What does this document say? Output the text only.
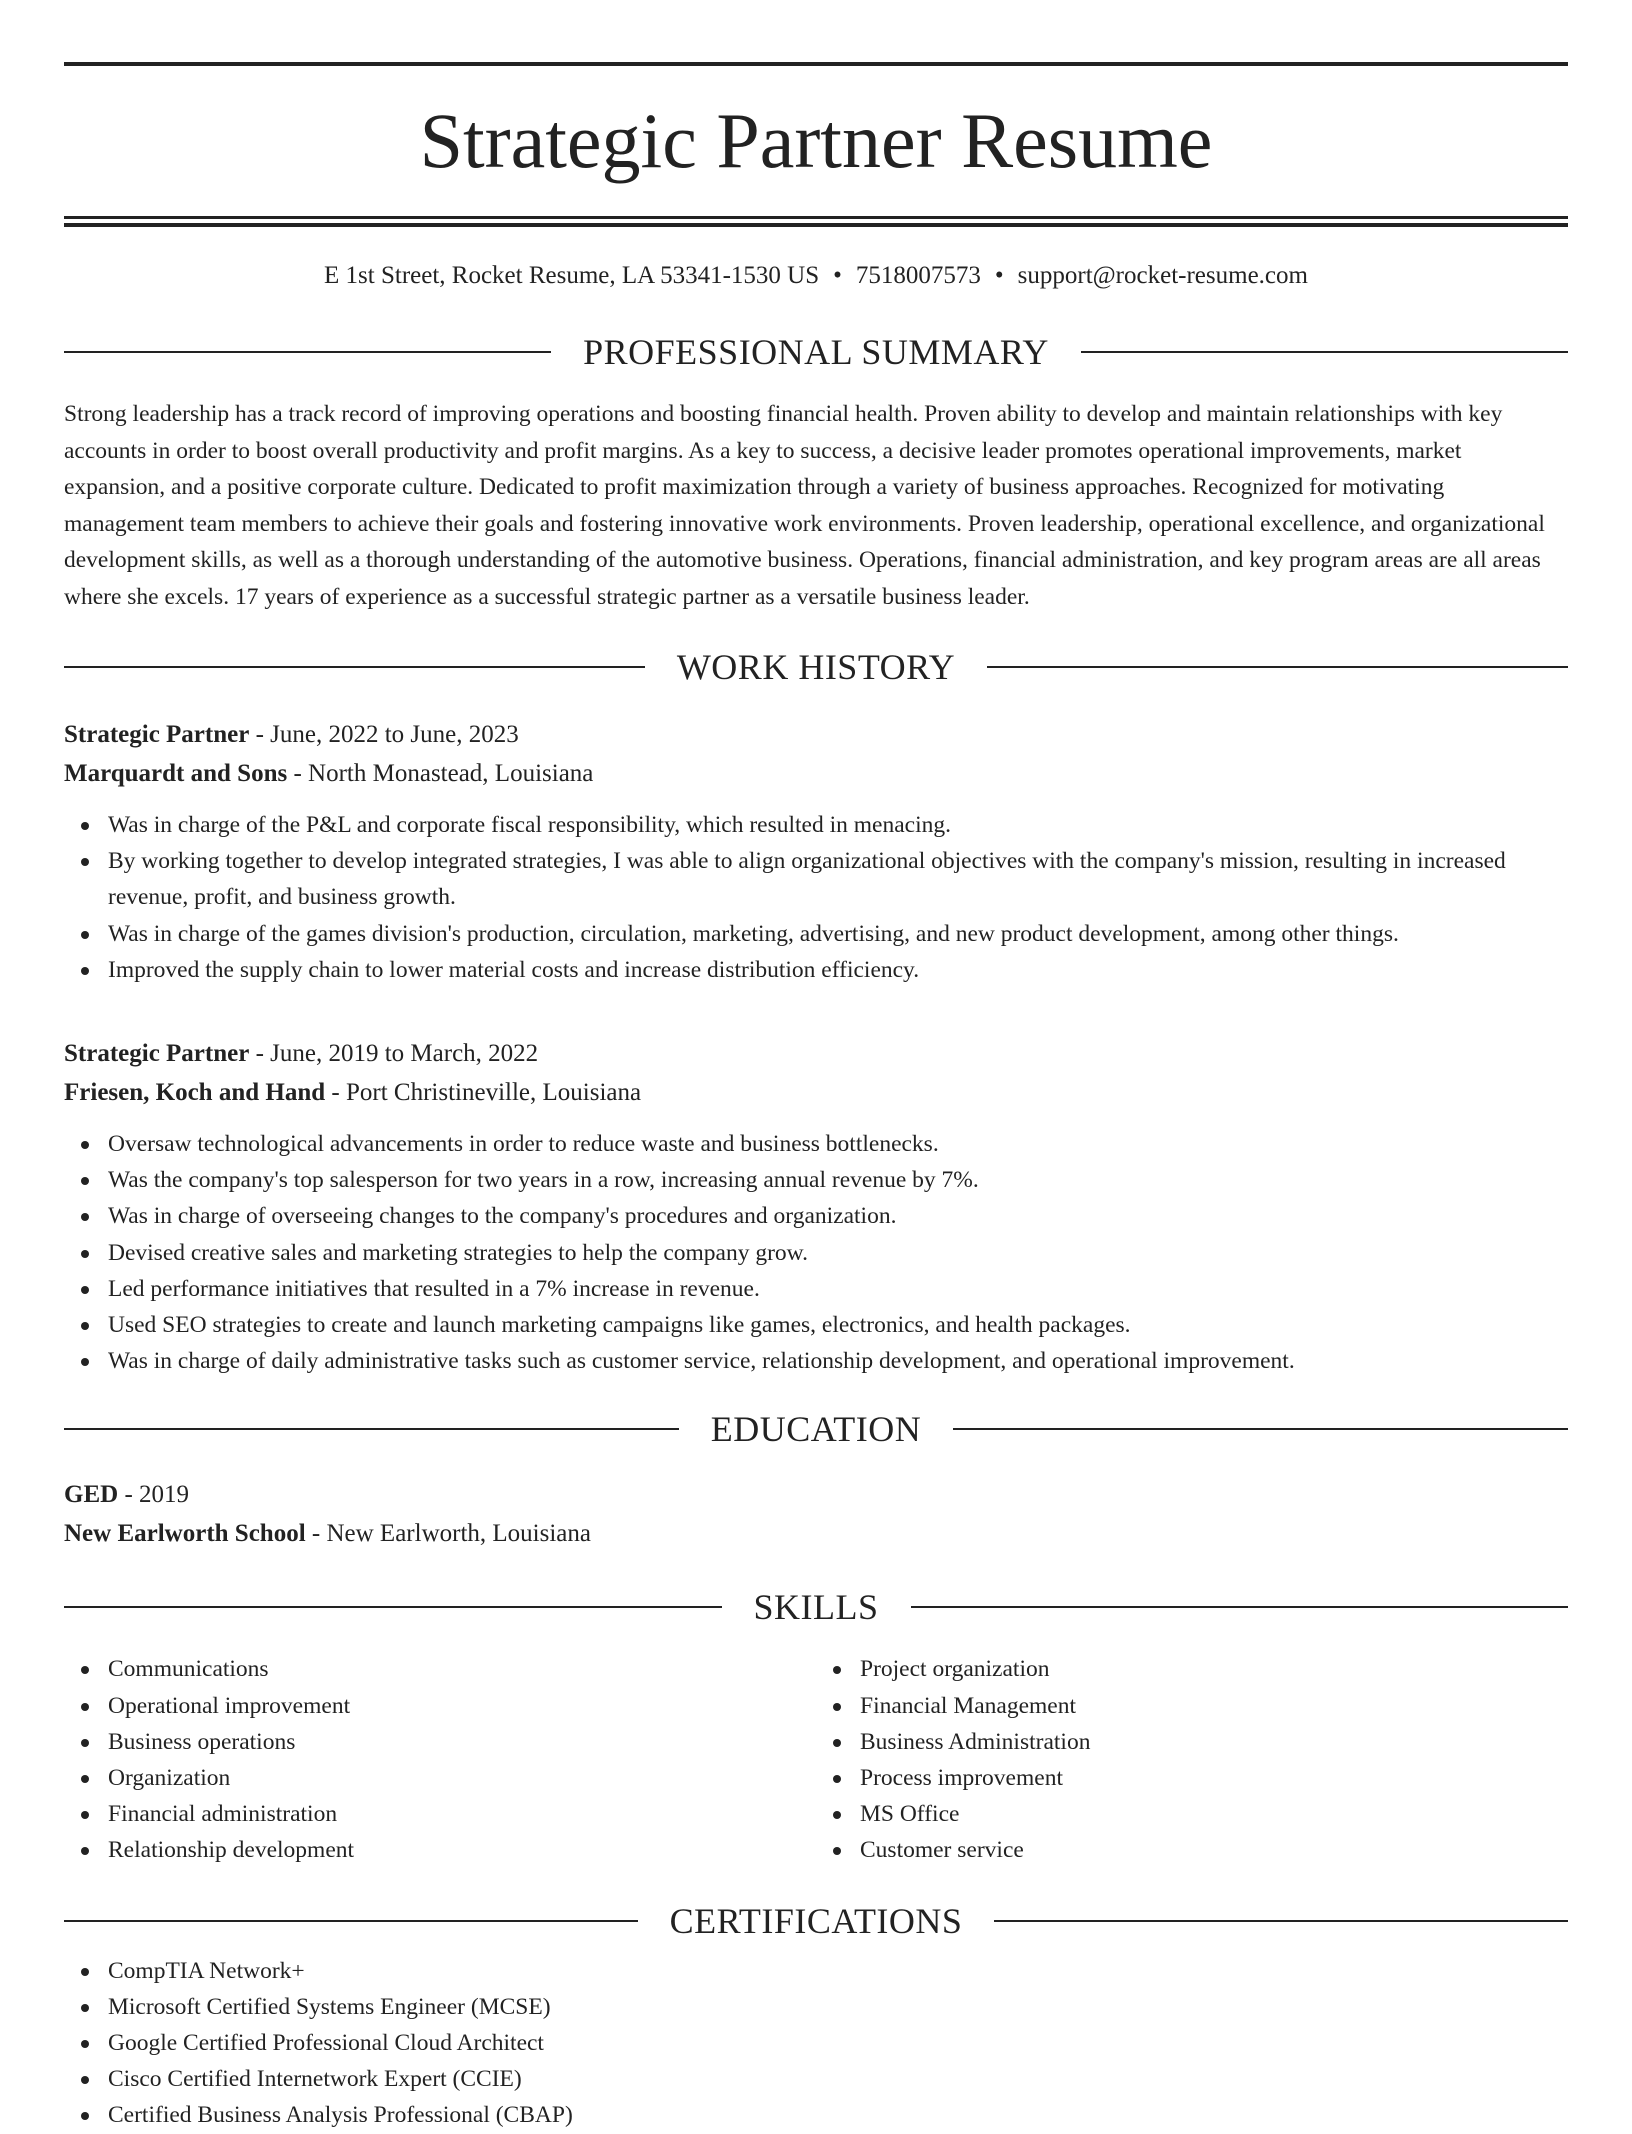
Strategic Partner Resume
E 1st Street, Rocket Resume, LA 53341-1530 US • 7518007573 • support@rocket-resume.com
PROFESSIONAL SUMMARY

Strong leadership has a track record of improving operations and boosting financial health. Proven ability to develop and maintain relationships with key accounts in order to boost overall productivity and profit margins. As a key to success, a decisive leader promotes operational improvements, market expansion, and a positive corporate culture. Dedicated to profit maximization through a variety of business approaches. Recognized for motivating management team members to achieve their goals and fostering innovative work environments. Proven leadership, operational excellence, and organizational development skills, as well as a thorough understanding of the automotive business. Operations, financial administration, and key program areas are all areas where she excels. 17 years of experience as a successful strategic partner as a versatile business leader.

WORK HISTORY
Strategic Partner - June, 2022 to June, 2023
Marquardt and Sons - North Monastead, Louisiana
Was in charge of the P&L and corporate fiscal responsibility, which resulted in menacing.
By working together to develop integrated strategies, I was able to align organizational objectives with the company's mission, resulting in increased revenue, profit, and business growth.
Was in charge of the games division's production, circulation, marketing, advertising, and new product development, among other things.
Improved the supply chain to lower material costs and increase distribution efficiency.
Strategic Partner - June, 2019 to March, 2022
Friesen, Koch and Hand - Port Christineville, Louisiana
Oversaw technological advancements in order to reduce waste and business bottlenecks.
Was the company's top salesperson for two years in a row, increasing annual revenue by 7%.
Was in charge of overseeing changes to the company's procedures and organization.
Devised creative sales and marketing strategies to help the company grow.
Led performance initiatives that resulted in a 7% increase in revenue.
Used SEO strategies to create and launch marketing campaigns like games, electronics, and health packages.
Was in charge of daily administrative tasks such as customer service, relationship development, and operational improvement.
EDUCATION
GED - 2019
New Earlworth School - New Earlworth, Louisiana
SKILLS
Communications
Operational improvement
Business operations
Organization
Financial administration
Relationship development
Project organization
Financial Management
Business Administration
Process improvement
MS Office
Customer service
CERTIFICATIONS
CompTIA Network+
Microsoft Certified Systems Engineer (MCSE)
Google Certified Professional Cloud Architect
Cisco Certified Internetwork Expert (CCIE)
Certified Business Analysis Professional (CBAP)
